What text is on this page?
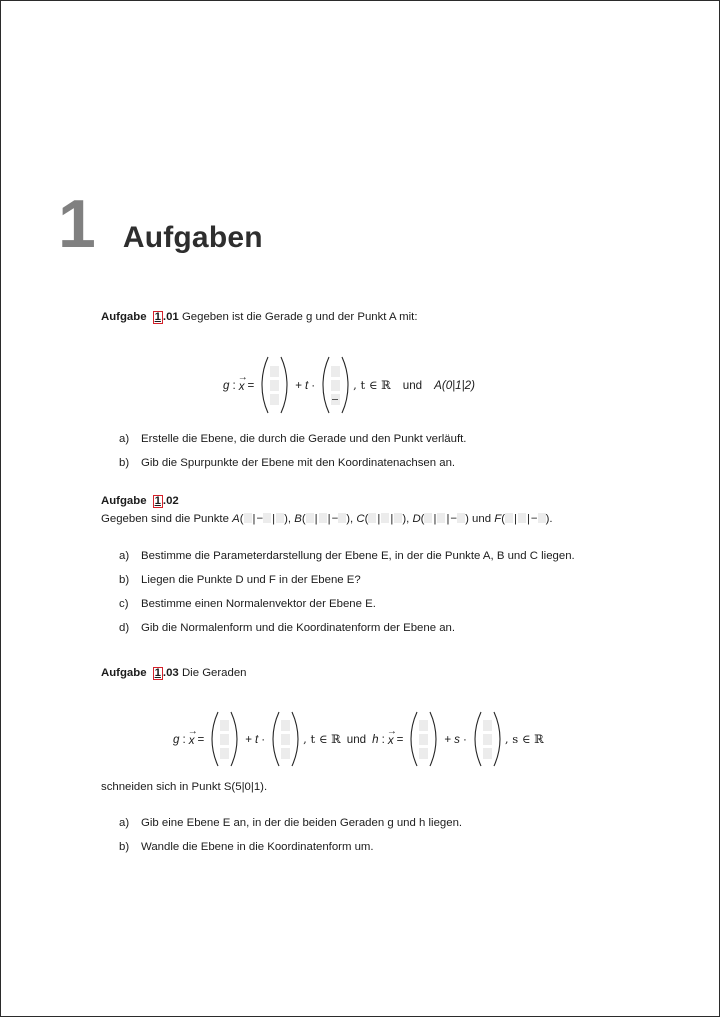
1 Aufgaben
Aufgabe 1 .01 Gegeben ist die Gerade g und der Punkt A mit:
g :
→
x =	+ t ·	, t ∈ ℝ und A(0|1|2)
a)	Erstelle die Ebene, die durch die Gerade und den Punkt verläuft.
b)	Gib die Spurpunkte der Ebene mit den Koordinatenachsen an.
Aufgabe 1 .02
Gegeben sind die Punkte A( |− | ), B( | |− ), C( | | ), D( | |− ) und F( | |− ).
a)	Bestimme die Parameterdarstellung der Ebene E, in der die Punkte A, B und C liegen.
b)	Liegen die Punkte D und F in der Ebene E?
c)	Bestimme einen Normalenvektor der Ebene E.
d)	Gib die Normalenform und die Koordinatenform der Ebene an.
Aufgabe 1 .03 Die Geraden
g :
→
x =	+ t ·	, t ∈ ℝ und h :
→
x =	+ s ·	, s ∈ ℝ
schneiden sich in Punkt S(5|0|1).
a)	Gib eine Ebene E an, in der die beiden Geraden g und h liegen.
b)	Wandle die Ebene in die Koordinatenform um.
